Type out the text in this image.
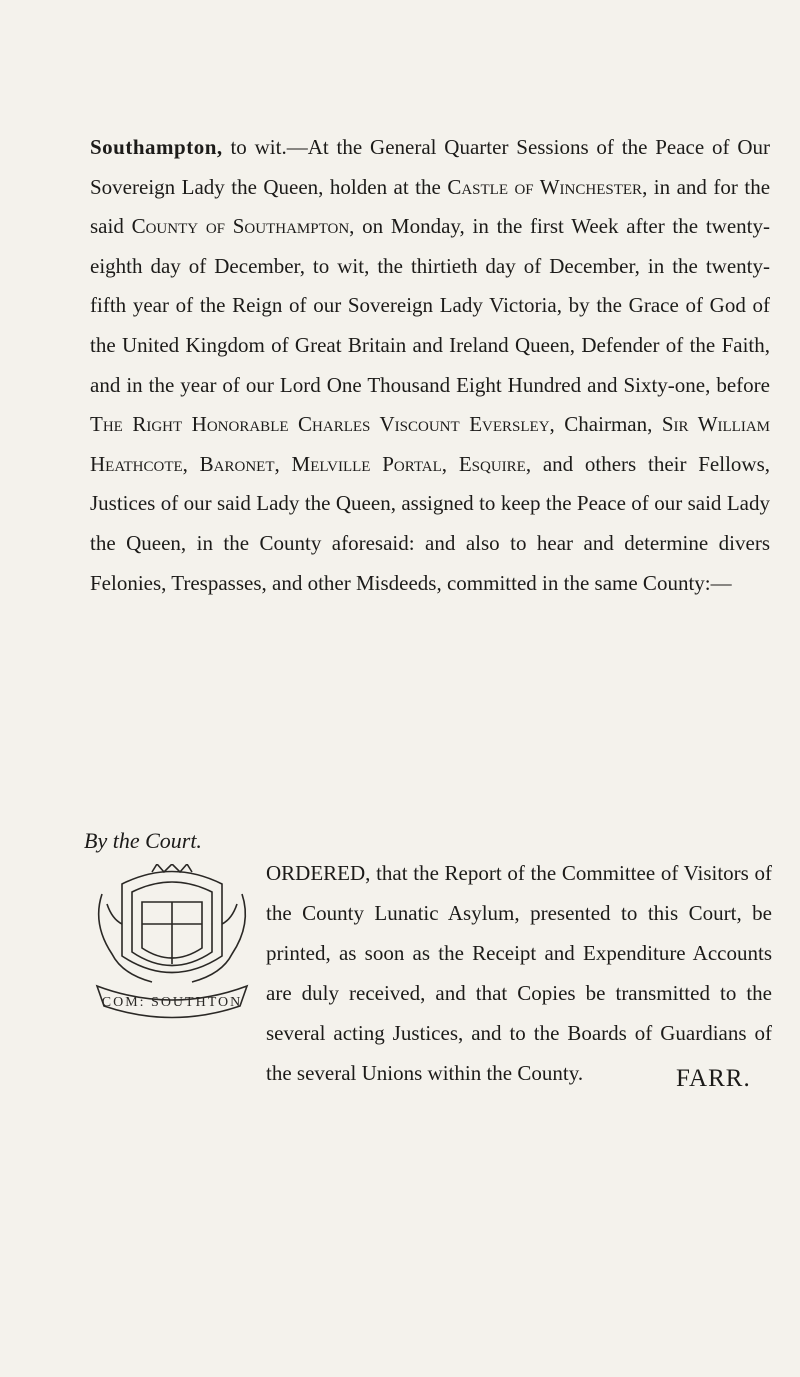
Southampton, to wit.—At the General Quarter Sessions of the Peace of Our Sovereign Lady the Queen, holden at the Castle of Winchester, in and for the said County of Southampton, on Monday, in the first Week after the twenty-eighth day of December, to wit, the thirtieth day of December, in the twenty-fifth year of the Reign of our Sovereign Lady Victoria, by the Grace of God of the United Kingdom of Great Britain and Ireland Queen, Defender of the Faith, and in the year of our Lord One Thousand Eight Hundred and Sixty-one, before The Right Honorable Charles Viscount Eversley, Chairman, Sir William Heathcote, Baronet, Melville Portal, Esquire, and others their Fellows, Justices of our said Lady the Queen, assigned to keep the Peace of our said Lady the Queen, in the County aforesaid: and also to hear and determine divers Felonies, Trespasses, and other Misdeeds, committed in the same County:—
By the Court.
COM: SOUTHTON
ORDERED, that the Report of the Committee of Visitors of the County Lunatic Asylum, presented to this Court, be printed, as soon as the Receipt and Expenditure Accounts are duly received, and that Copies be transmitted to the several acting Justices, and to the Boards of Guardians of the several Unions within the County.	FARR.
